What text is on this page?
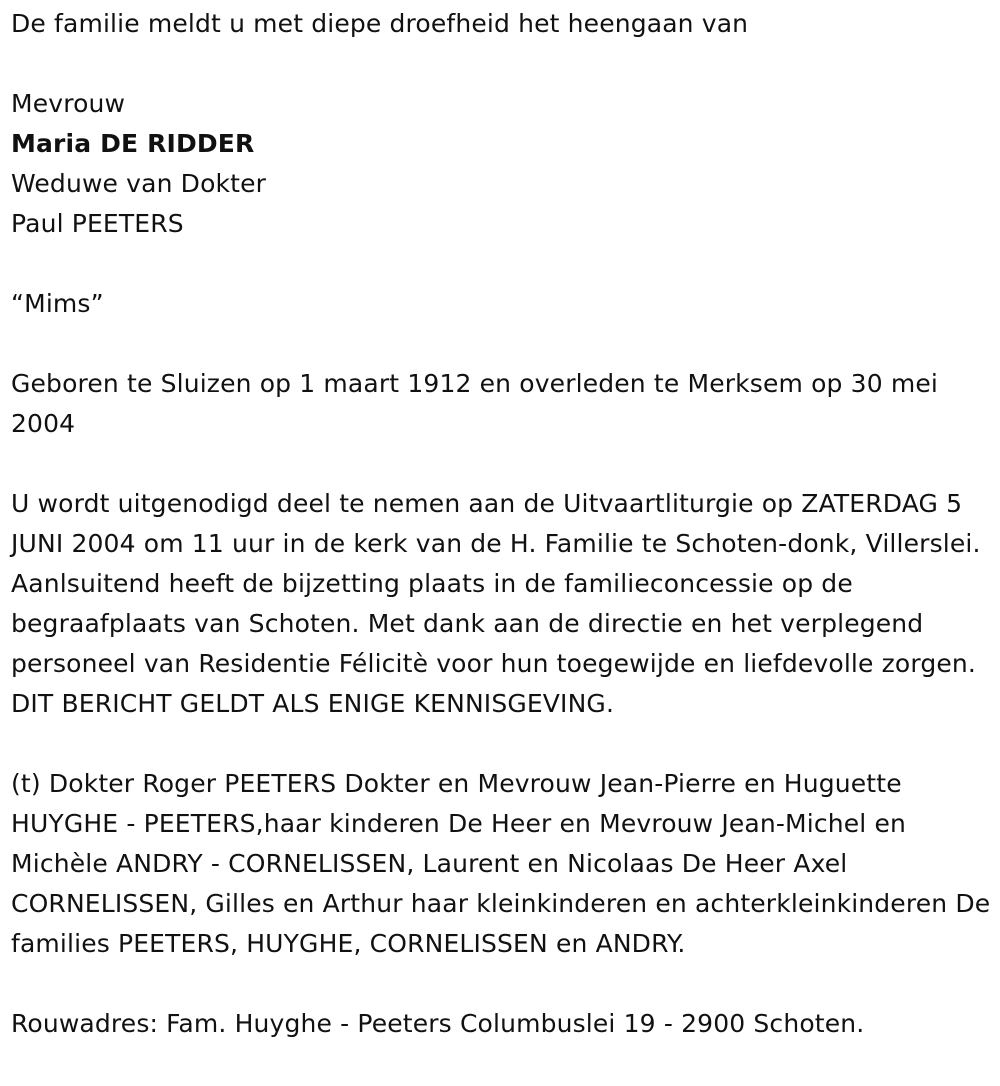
De familie meldt u met diepe droefheid het heengaan van

Mevrouw

Maria DE RIDDER

Weduwe van Dokter

Paul PEETERS

“Mims”

Geboren te Sluizen op 1 maart 1912 en overleden te Merksem op 30 mei 2004

U wordt uitgenodigd deel te nemen aan de Uitvaartliturgie op ZATERDAG 5 JUNI 2004 om 11 uur in de kerk van de H. Familie te Schoten-donk, Villerslei. Aanlsuitend heeft de bijzetting plaats in de familieconcessie op de begraafplaats van Schoten. Met dank aan de directie en het verplegend personeel van Residentie Félicitè voor hun toegewijde en liefdevolle zorgen. DIT BERICHT GELDT ALS ENIGE KENNISGEVING.

(t) Dokter Roger PEETERS Dokter en Mevrouw Jean-Pierre en Huguette HUYGHE - PEETERS,haar kinderen De Heer en Mevrouw Jean-Michel en Michèle ANDRY - CORNELISSEN, Laurent en Nicolaas De Heer Axel CORNELISSEN, Gilles en Arthur haar kleinkinderen en achterkleinkinderen De families PEETERS, HUYGHE, CORNELISSEN en ANDRY.

Rouwadres: Fam. Huyghe - Peeters Columbuslei 19 - 2900 Schoten.
